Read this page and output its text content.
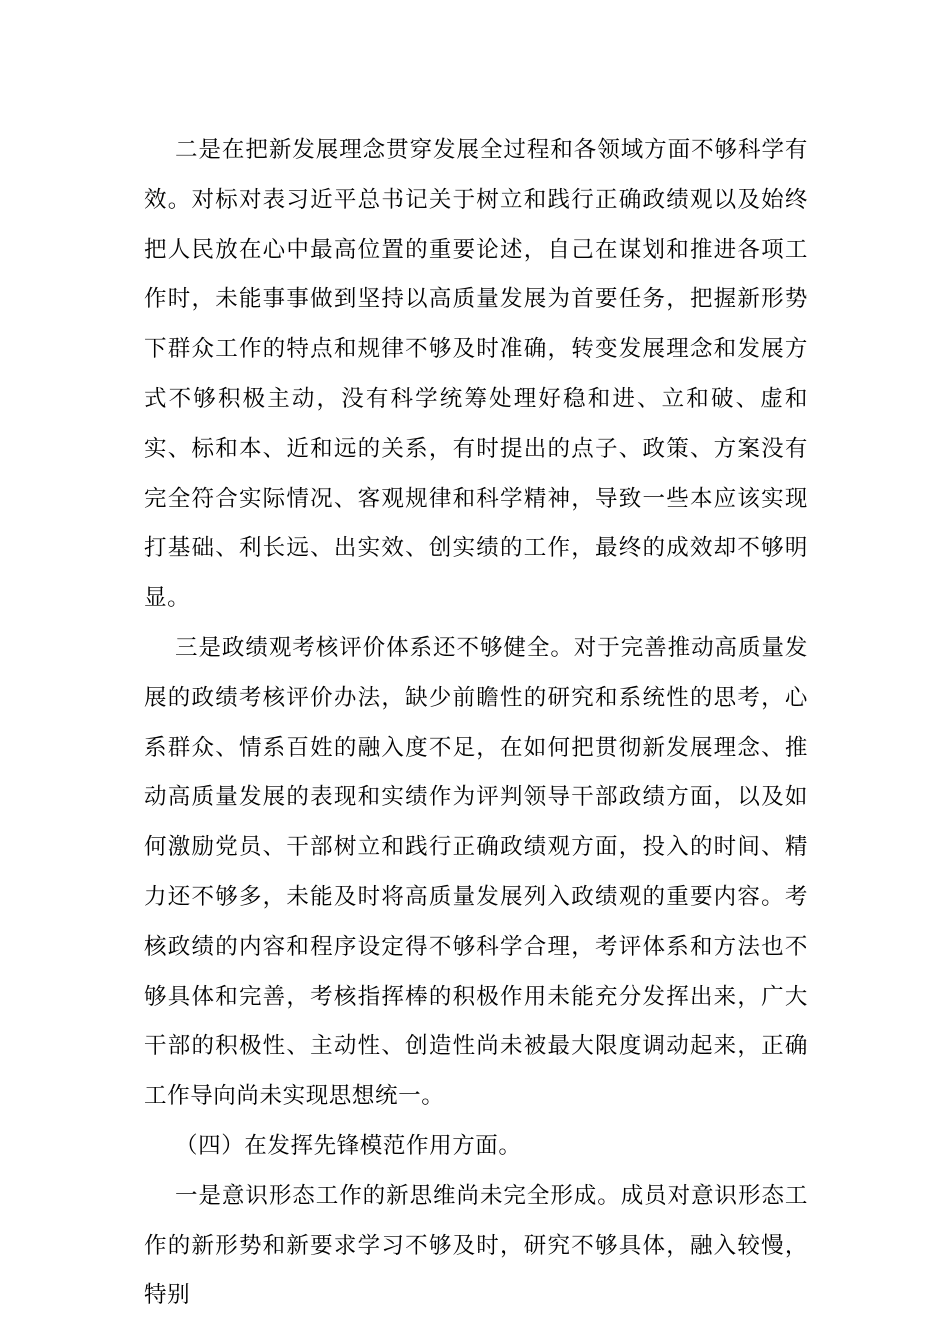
二是在把新发展理念贯穿发展全过程和各领域方面不够科学有效。对标对表习近平总书记关于树立和践行正确政绩观以及始终把人民放在心中最高位置的重要论述，自己在谋划和推进各项工作时，未能事事做到坚持以高质量发展为首要任务，把握新形势下群众工作的特点和规律不够及时准确，转变发展理念和发展方式不够积极主动，没有科学统筹处理好稳和进、立和破、虚和实、标和本、近和远的关系，有时提出的点子、政策、方案没有完全符合实际情况、客观规律和科学精神，导致一些本应该实现打基础、利长远、出实效、创实绩的工作，最终的成效却不够明显。

三是政绩观考核评价体系还不够健全。对于完善推动高质量发展的政绩考核评价办法，缺少前瞻性的研究和系统性的思考，心系群众、情系百姓的融入度不足，在如何把贯彻新发展理念、推动高质量发展的表现和实绩作为评判领导干部政绩方面，以及如何激励党员、干部树立和践行正确政绩观方面，投入的时间、精力还不够多，未能及时将高质量发展列入政绩观的重要内容。考核政绩的内容和程序设定得不够科学合理，考评体系和方法也不够具体和完善，考核指挥棒的积极作用未能充分发挥出来，广大干部的积极性、主动性、创造性尚未被最大限度调动起来，正确工作导向尚未实现思想统一。

（四）在发挥先锋模范作用方面。

一是意识形态工作的新思维尚未完全形成。成员对意识形态工作的新形势和新要求学习不够及时，研究不够具体，融入较慢，特别
